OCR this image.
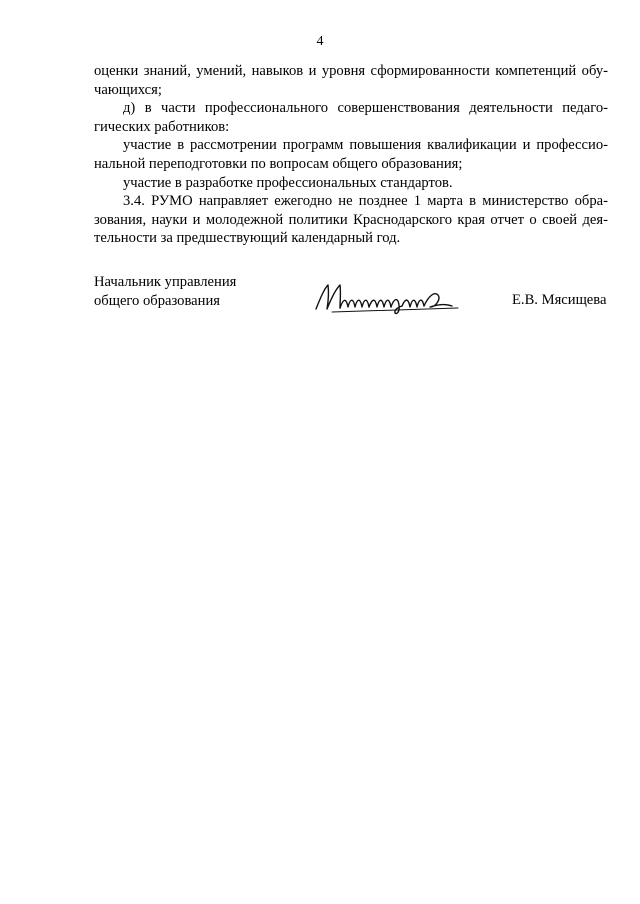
4

оценки знаний, умений, навыков и уровня сформированности компетенций обучающихся;

д) в части профессионального совершенствования деятельности педагогических работников:

участие в рассмотрении программ повышения квалификации и профессиональной переподготовки по вопросам общего образования;

участие в разработке профессиональных стандартов.

3.4. РУМО направляет ежегодно не позднее 1 марта в министерство образования, науки и молодежной политики Краснодарского края отчет о своей деятельности за предшествующий календарный год.

Начальник управления
общего образования	Е.В. Мясищева
